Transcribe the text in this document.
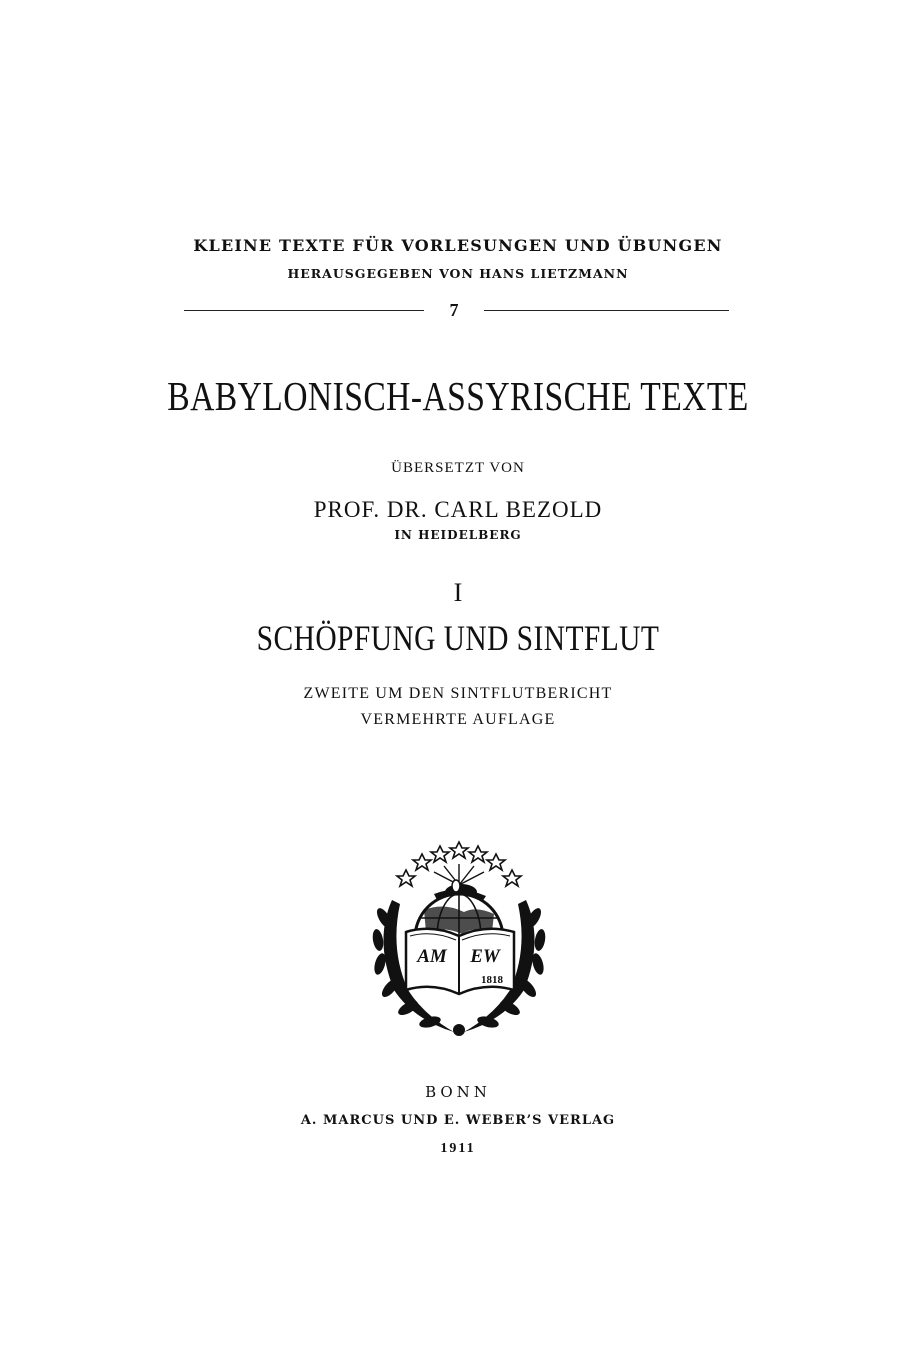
KLEINE TEXTE FÜR VORLESUNGEN UND ÜBUNGEN
HERAUSGEGEBEN VON HANS LIETZMANN
7
BABYLONISCH-ASSYRISCHE TEXTE
ÜBERSETZT VON
PROF. DR. CARL BEZOLD
IN HEIDELBERG
I
SCHÖPFUNG UND SINTFLUT
ZWEITE UM DEN SINTFLUTBERICHT
VERMEHRTE AUFLAGE
AM EW
1818
BONN
A. MARCUS UND E. WEBER’S VERLAG
1911
